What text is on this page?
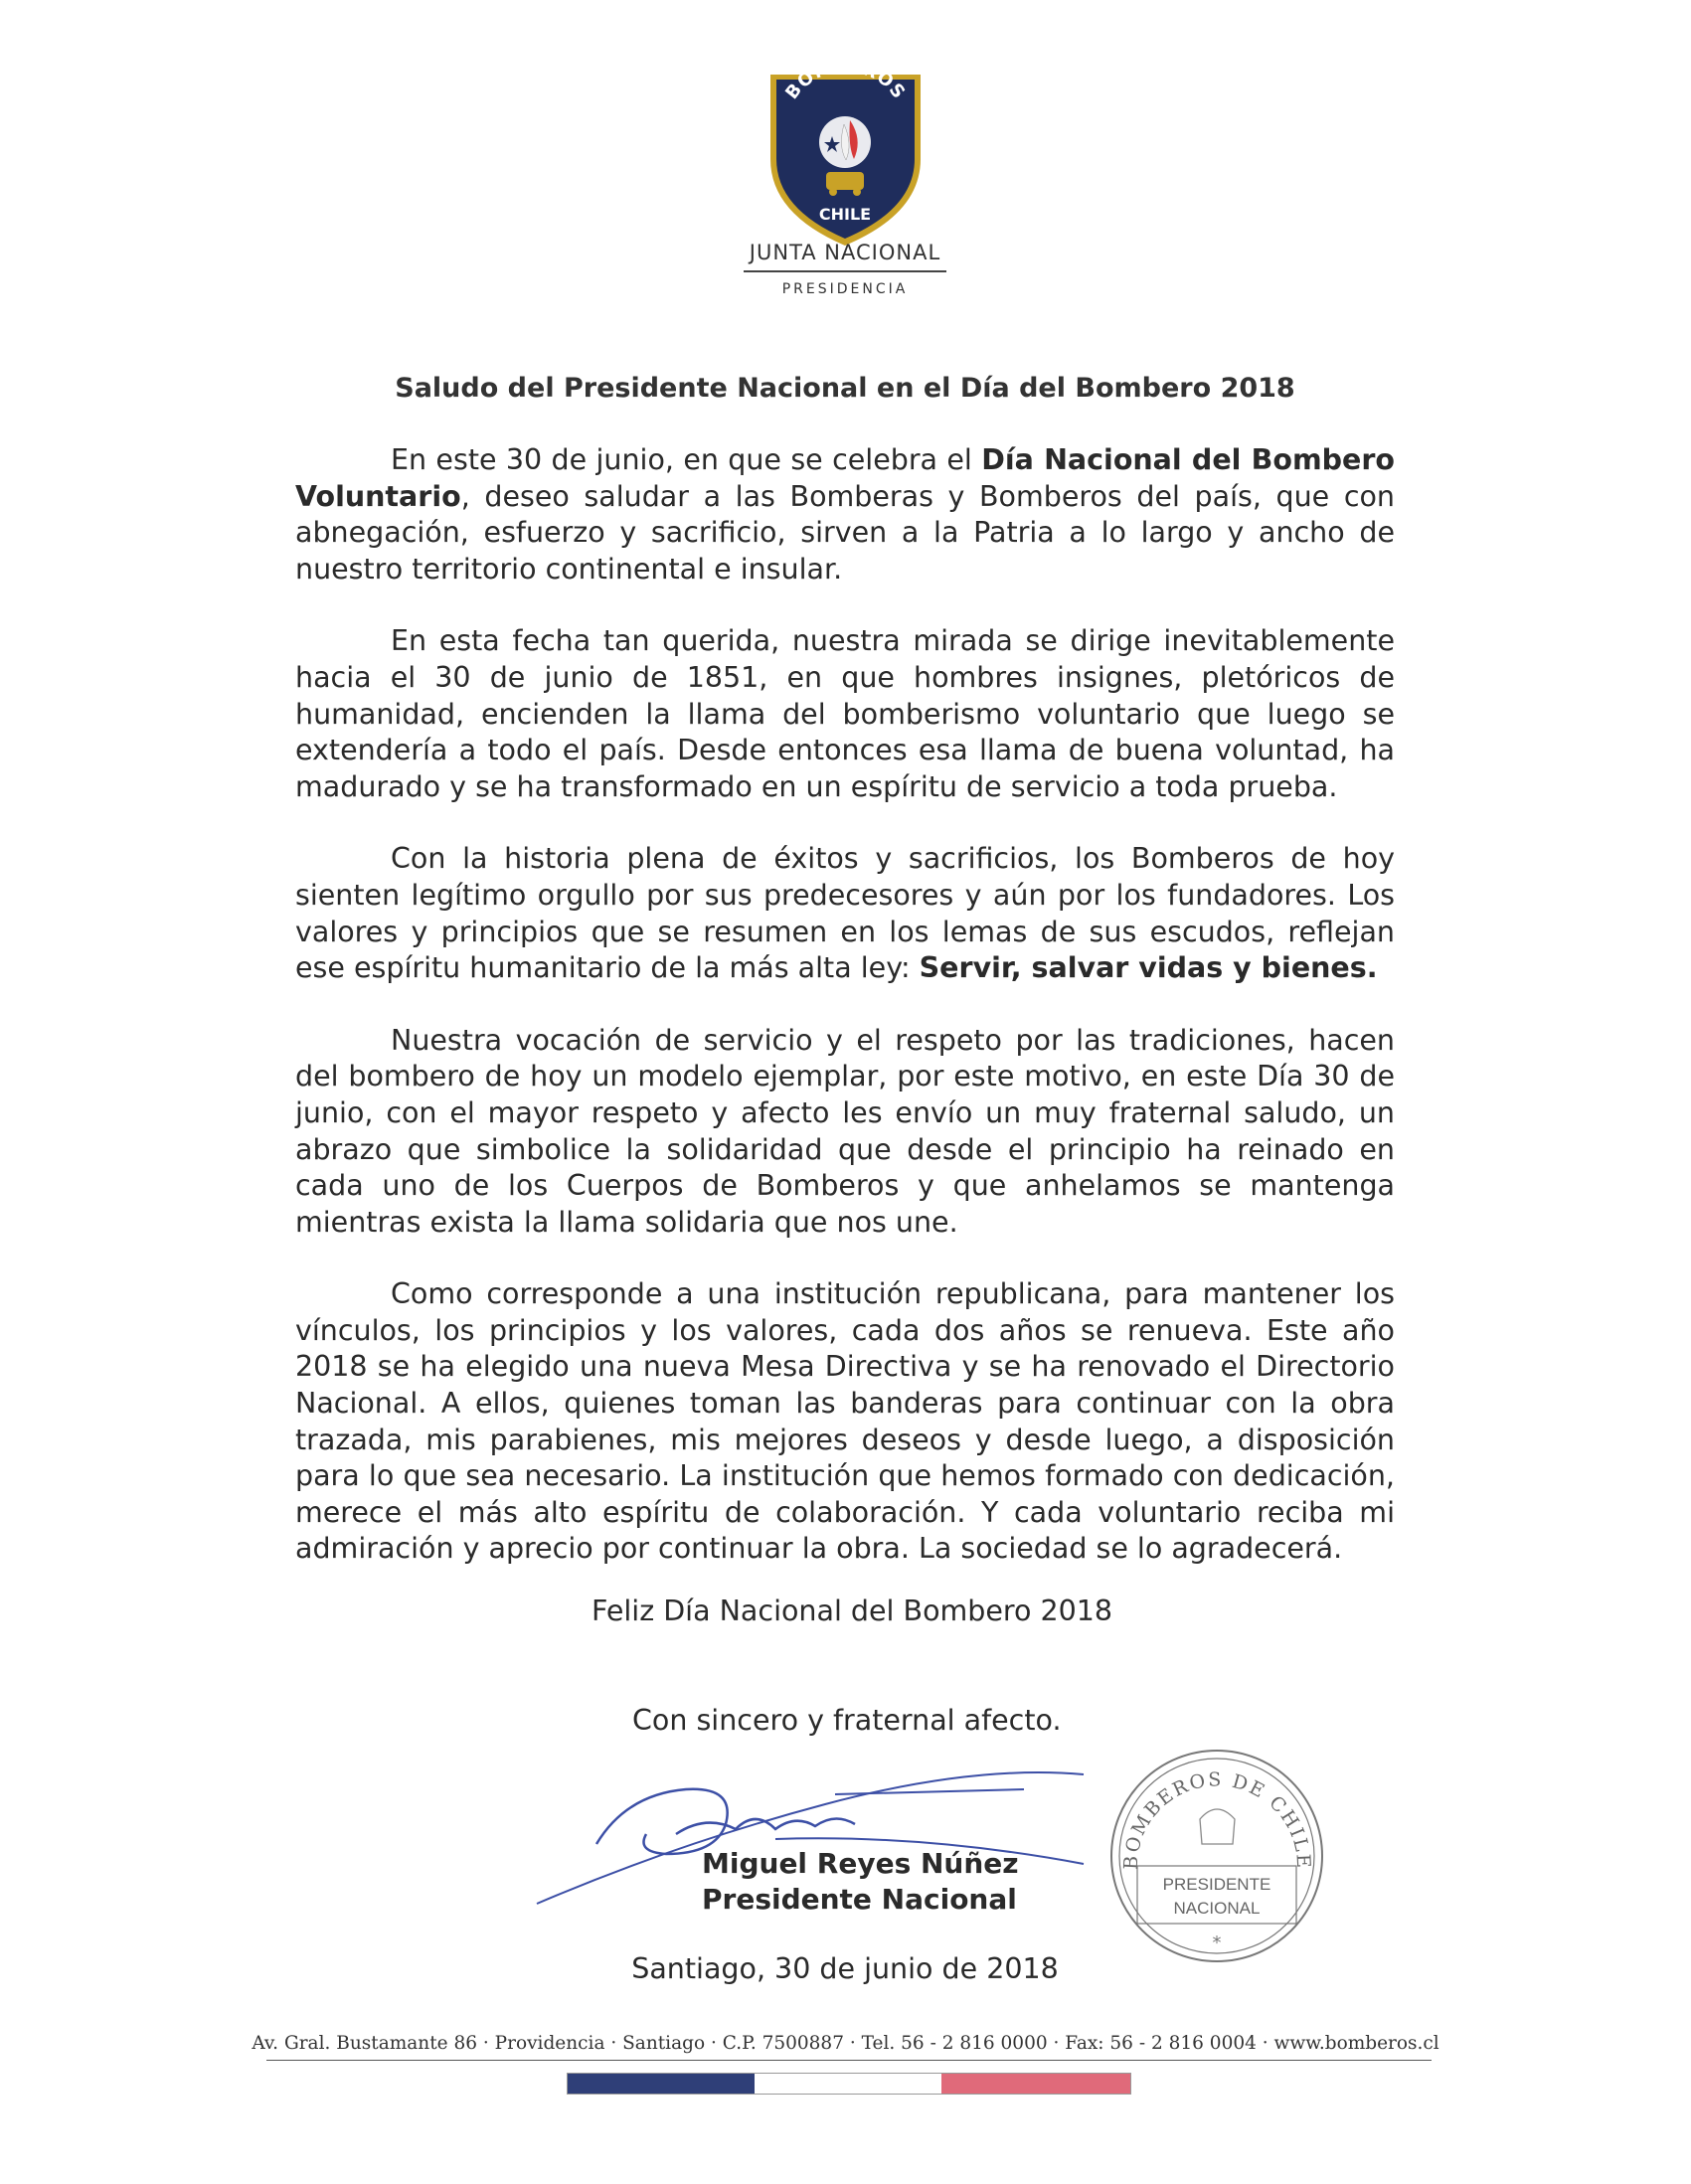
BOMBEROS
CHILE
JUNTA NACIONAL
PRESIDENCIA
Saludo del Presidente Nacional en el Día del Bombero 2018

En este 30 de junio, en que se celebra el Día Nacional del Bombero Voluntario, deseo saludar a las Bomberas y Bomberos del país, que con abnegación, esfuerzo y sacrificio, sirven a la Patria a lo largo y ancho de nuestro territorio continental e insular.

En esta fecha tan querida, nuestra mirada se dirige inevitablemente hacia el 30 de junio de 1851, en que hombres insignes, pletóricos de humanidad, encienden la llama del bomberismo voluntario que luego se extendería a todo el país. Desde entonces esa llama de buena voluntad, ha madurado y se ha transformado en un espíritu de servicio a toda prueba.

Con la historia plena de éxitos y sacrificios, los Bomberos de hoy sienten legítimo orgullo por sus predecesores y aún por los fundadores. Los valores y principios que se resumen en los lemas de sus escudos, reflejan ese espíritu humanitario de la más alta ley: Servir, salvar vidas y bienes.

Nuestra vocación de servicio y el respeto por las tradiciones, hacen del bombero de hoy un modelo ejemplar, por este motivo, en este Día 30 de junio, con el mayor respeto y afecto les envío un muy fraternal saludo, un abrazo que simbolice la solidaridad que desde el principio ha reinado en cada uno de los Cuerpos de Bomberos y que anhelamos se mantenga mientras exista la llama solidaria que nos une.

Como corresponde a una institución republicana, para mantener los vínculos, los principios y los valores, cada dos años se renueva. Este año 2018 se ha elegido una nueva Mesa Directiva y se ha renovado el Directorio Nacional. A ellos, quienes toman las banderas para continuar con la obra trazada, mis parabienes, mis mejores deseos y desde luego, a disposición para lo que sea necesario. La institución que hemos formado con dedicación, merece el más alto espíritu de colaboración. Y cada voluntario reciba mi admiración y aprecio por continuar la obra. La sociedad se lo agradecerá.

Feliz Día Nacional del Bombero 2018
Con sincero y fraternal afecto.
Miguel Reyes Núñez
Presidente Nacional
BOMBEROS DE CHILE
PRESIDENTE
NACIONAL
*
Santiago, 30 de junio de 2018
Av. Gral. Bustamante 86 · Providencia · Santiago · C.P. 7500887 · Tel. 56 - 2 816 0000 · Fax: 56 - 2 816 0004 · www.bomberos.cl
